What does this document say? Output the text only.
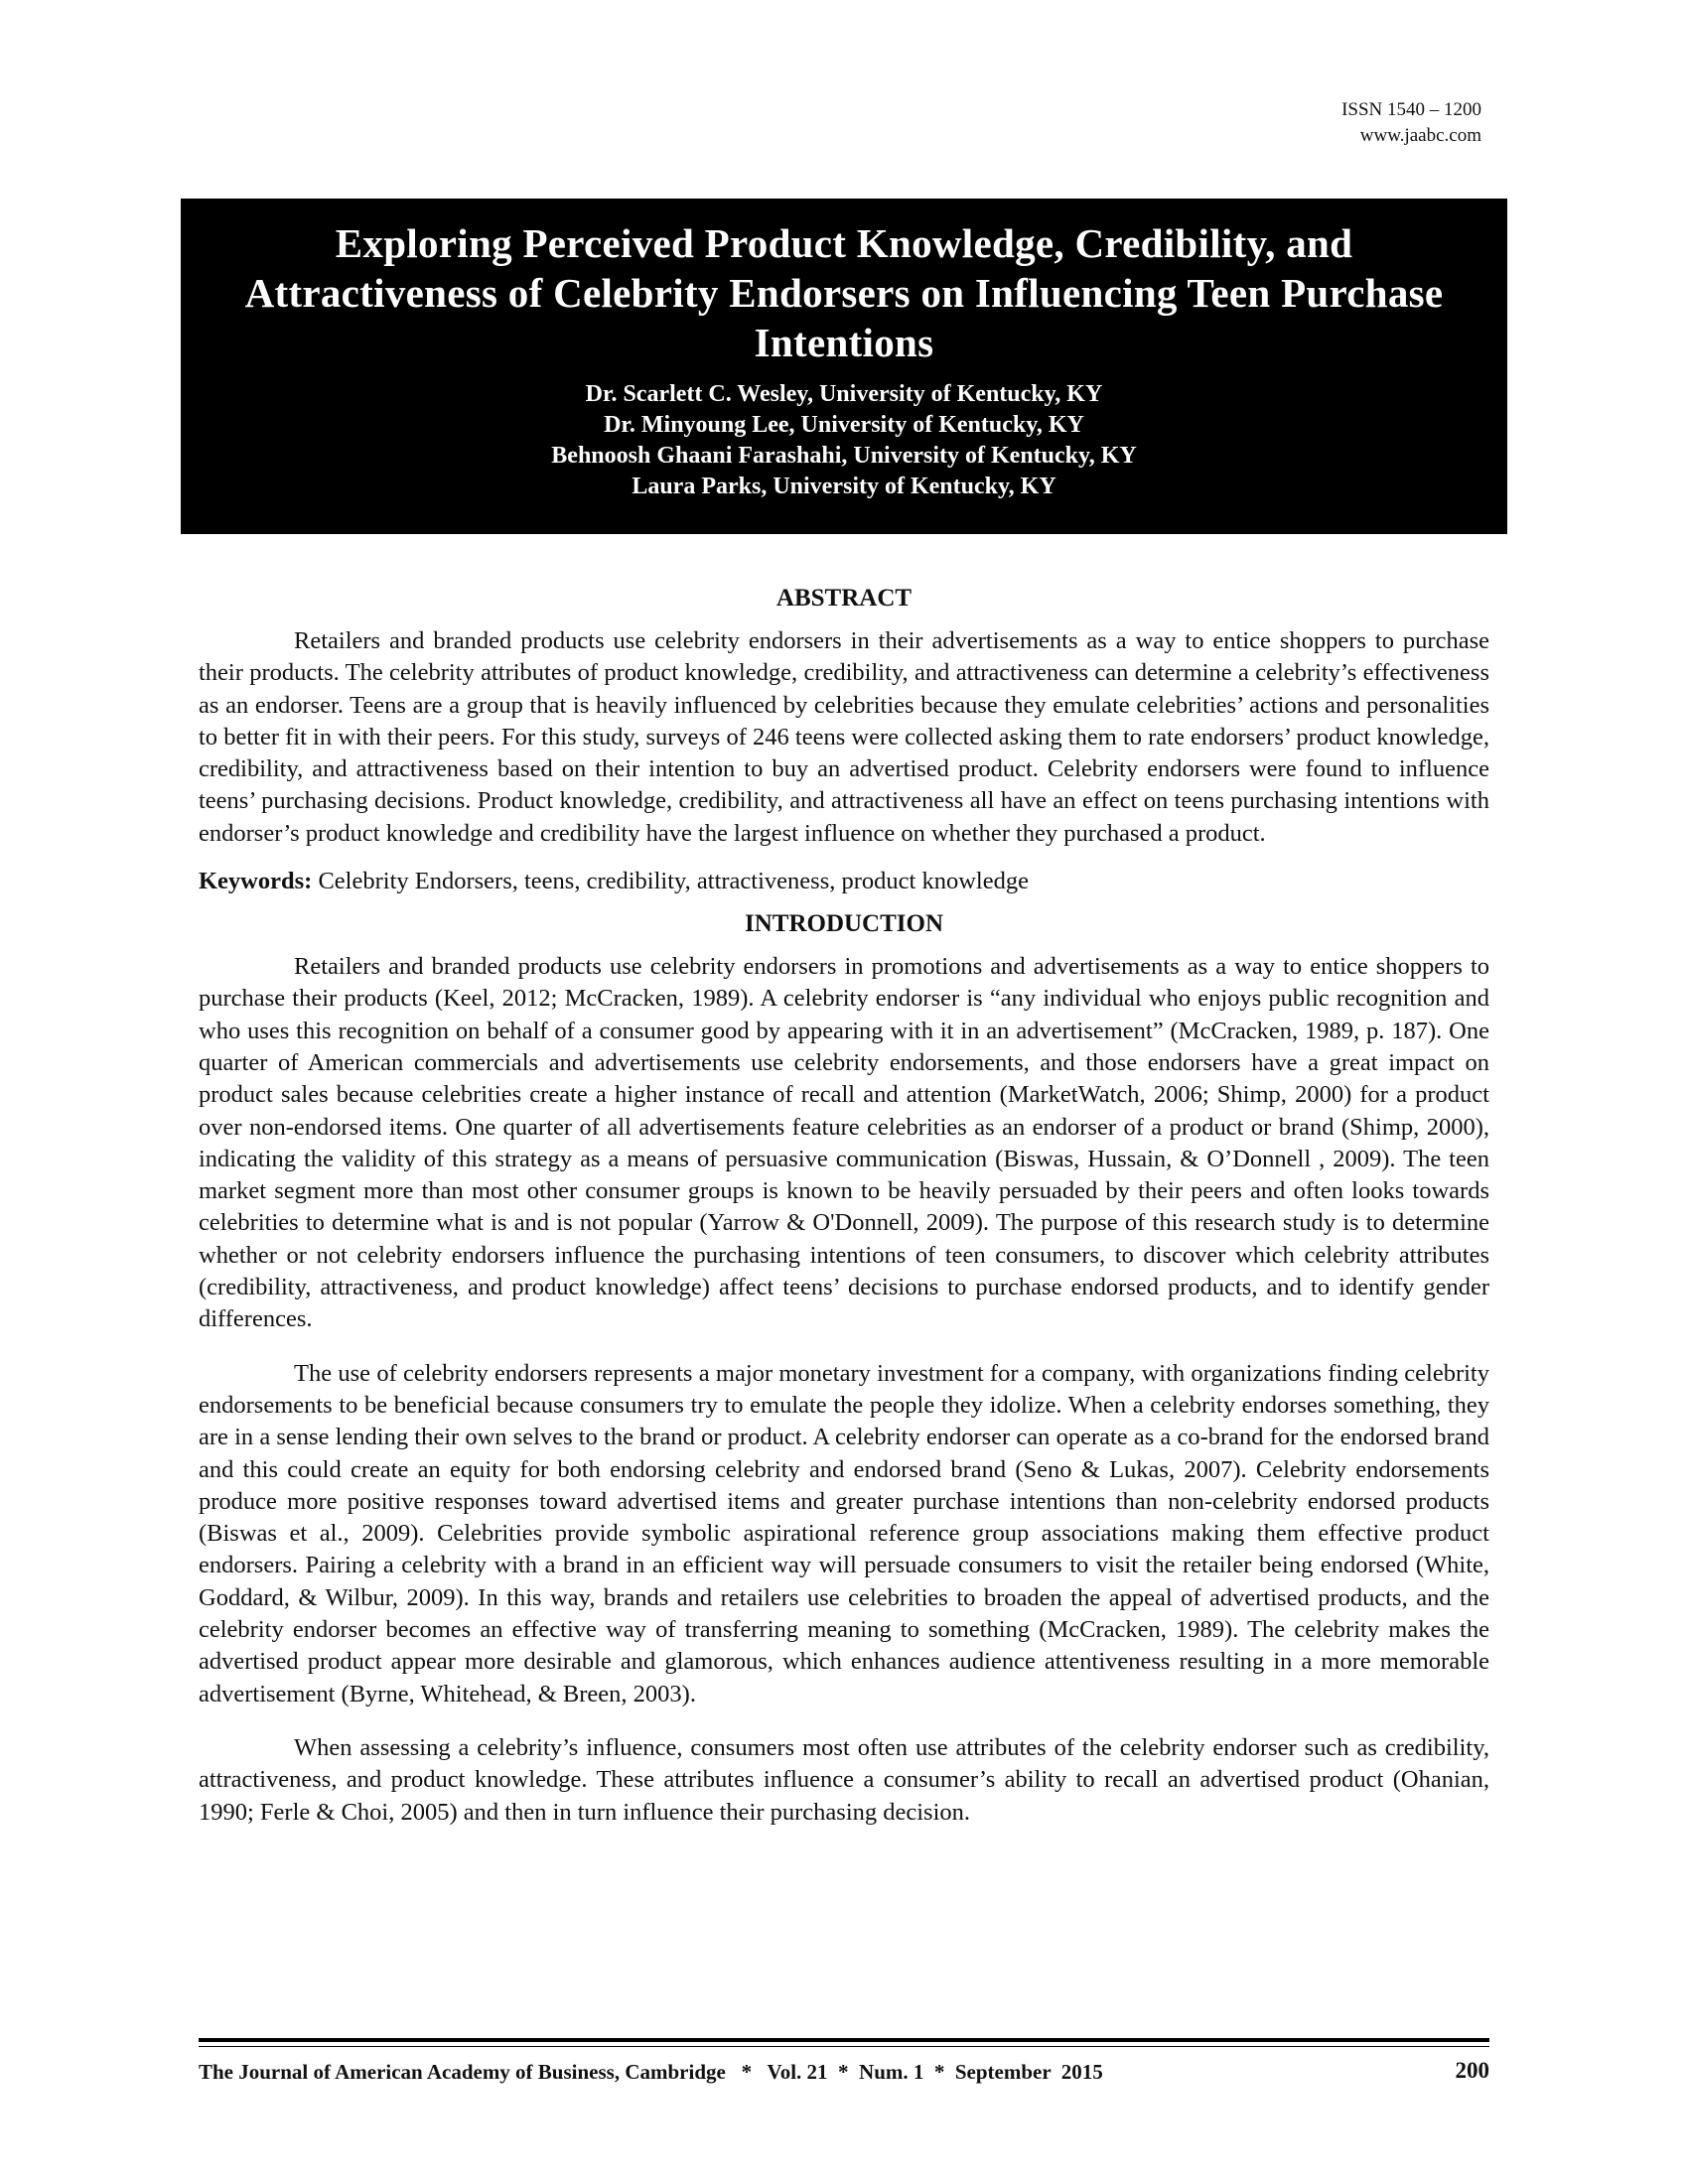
ISSN 1540 – 1200
www.jaabc.com
Exploring Perceived Product Knowledge, Credibility, and Attractiveness of Celebrity Endorsers on Influencing Teen Purchase Intentions
Dr. Scarlett C. Wesley, University of Kentucky, KY
Dr. Minyoung Lee, University of Kentucky, KY
Behnoosh Ghaani Farashahi, University of Kentucky, KY
Laura Parks, University of Kentucky, KY
ABSTRACT

Retailers and branded products use celebrity endorsers in their advertisements as a way to entice shoppers to purchase their products. The celebrity attributes of product knowledge, credibility, and attractiveness can determine a celebrity’s effectiveness as an endorser. Teens are a group that is heavily influenced by celebrities because they emulate celebrities’ actions and personalities to better fit in with their peers. For this study, surveys of 246 teens were collected asking them to rate endorsers’ product knowledge, credibility, and attractiveness based on their intention to buy an advertised product. Celebrity endorsers were found to influence teens’ purchasing decisions. Product knowledge, credibility, and attractiveness all have an effect on teens purchasing intentions with endorser’s product knowledge and credibility have the largest influence on whether they purchased a product.

Keywords: Celebrity Endorsers, teens, credibility, attractiveness, product knowledge
INTRODUCTION

Retailers and branded products use celebrity endorsers in promotions and advertisements as a way to entice shoppers to purchase their products (Keel, 2012; McCracken, 1989). A celebrity endorser is “any individual who enjoys public recognition and who uses this recognition on behalf of a consumer good by appearing with it in an advertisement” (McCracken, 1989, p. 187). One quarter of American commercials and advertisements use celebrity endorsements, and those endorsers have a great impact on product sales because celebrities create a higher instance of recall and attention (MarketWatch, 2006; Shimp, 2000) for a product over non-endorsed items. One quarter of all advertisements feature celebrities as an endorser of a product or brand (Shimp, 2000), indicating the validity of this strategy as a means of persuasive communication (Biswas, Hussain, & O’Donnell , 2009). The teen market segment more than most other consumer groups is known to be heavily persuaded by their peers and often looks towards celebrities to determine what is and is not popular (Yarrow & O'Donnell, 2009). The purpose of this research study is to determine whether or not celebrity endorsers influence the purchasing intentions of teen consumers, to discover which celebrity attributes (credibility, attractiveness, and product knowledge) affect teens’ decisions to purchase endorsed products, and to identify gender differences.

The use of celebrity endorsers represents a major monetary investment for a company, with organizations finding celebrity endorsements to be beneficial because consumers try to emulate the people they idolize. When a celebrity endorses something, they are in a sense lending their own selves to the brand or product. A celebrity endorser can operate as a co-brand for the endorsed brand and this could create an equity for both endorsing celebrity and endorsed brand (Seno & Lukas, 2007). Celebrity endorsements produce more positive responses toward advertised items and greater purchase intentions than non-celebrity endorsed products (Biswas et al., 2009). Celebrities provide symbolic aspirational reference group associations making them effective product endorsers. Pairing a celebrity with a brand in an efficient way will persuade consumers to visit the retailer being endorsed (White, Goddard, & Wilbur, 2009). In this way, brands and retailers use celebrities to broaden the appeal of advertised products, and the celebrity endorser becomes an effective way of transferring meaning to something (McCracken, 1989). The celebrity makes the advertised product appear more desirable and glamorous, which enhances audience attentiveness resulting in a more memorable advertisement (Byrne, Whitehead, & Breen, 2003).

When assessing a celebrity’s influence, consumers most often use attributes of the celebrity endorser such as credibility, attractiveness, and product knowledge. These attributes influence a consumer’s ability to recall an advertised product (Ohanian, 1990; Ferle & Choi, 2005) and then in turn influence their purchasing decision.

The Journal of American Academy of Business, Cambridge   *   Vol. 21  *  Num. 1  *  September  2015	200
